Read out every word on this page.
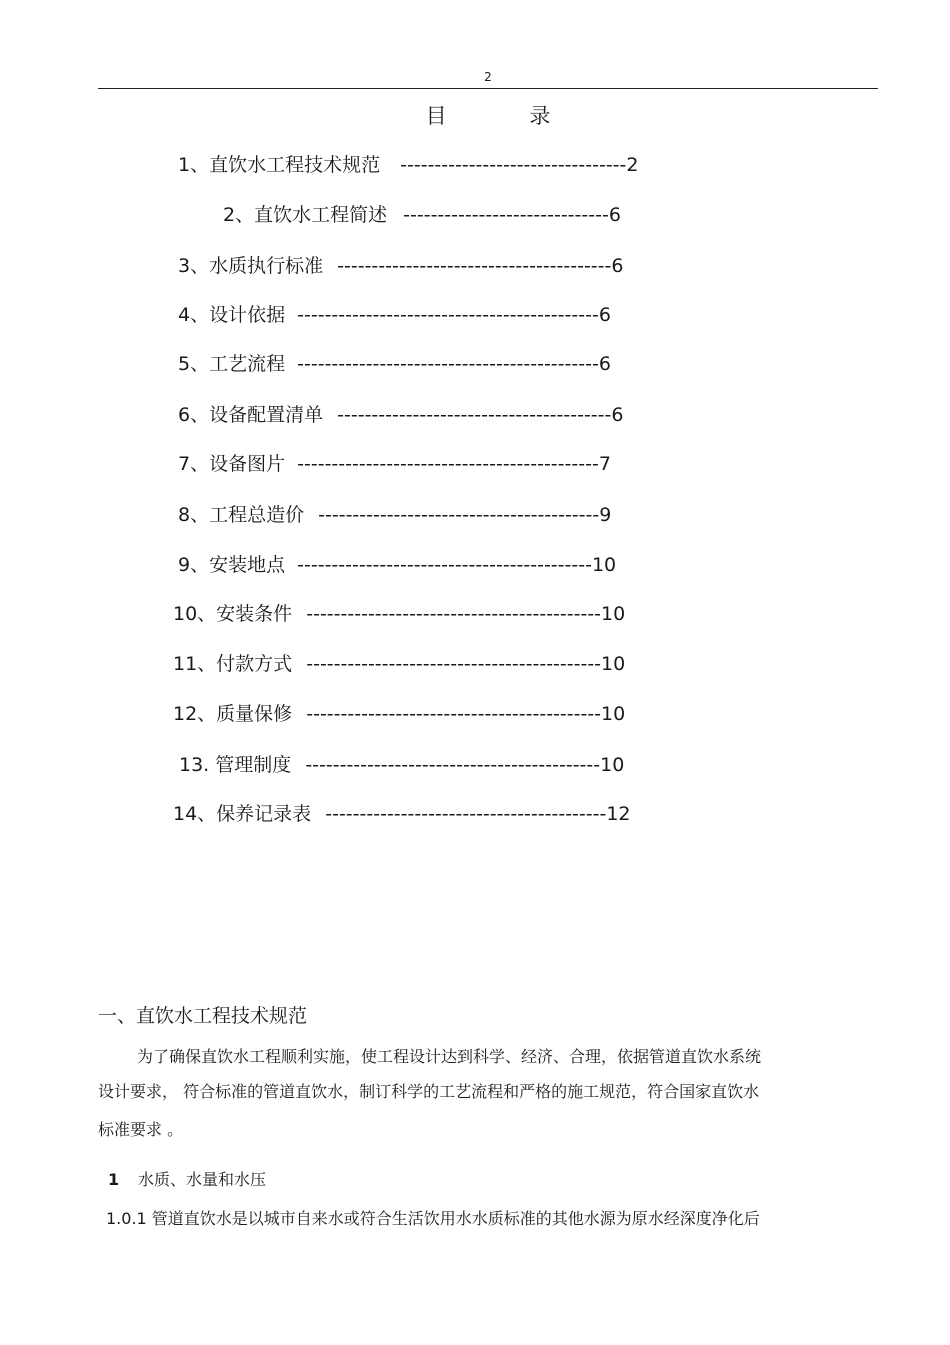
2
目 录
1、直饮水工程技术规范 ---------------------------------2
2、直饮水工程简述 ------------------------------6
3、水质执行标准 ----------------------------------------6
4、设计依据 --------------------------------------------6
5、工艺流程 --------------------------------------------6
6、设备配置清单 ----------------------------------------6
7、设备图片 --------------------------------------------7
8、工程总造价 -----------------------------------------9
9、安装地点 -------------------------------------------10
10、安装条件 -------------------------------------------10
11、付款方式 -------------------------------------------10
12、质量保修 -------------------------------------------10
13. 管理制度 -------------------------------------------10
14、保养记录表 -----------------------------------------12
一、直饮水工程技术规范
为了确保直饮水工程顺利实施，使工程设计达到科学、经济、合理，依据管道直饮水系统
设计要求， 符合标准的管道直饮水，制订科学的工艺流程和严格的施工规范，符合国家直饮水
标准要求 。
1 水质、水量和水压
1.0.1 管道直饮水是以城市自来水或符合生活饮用水水质标准的其他水源为原水经深度净化后
